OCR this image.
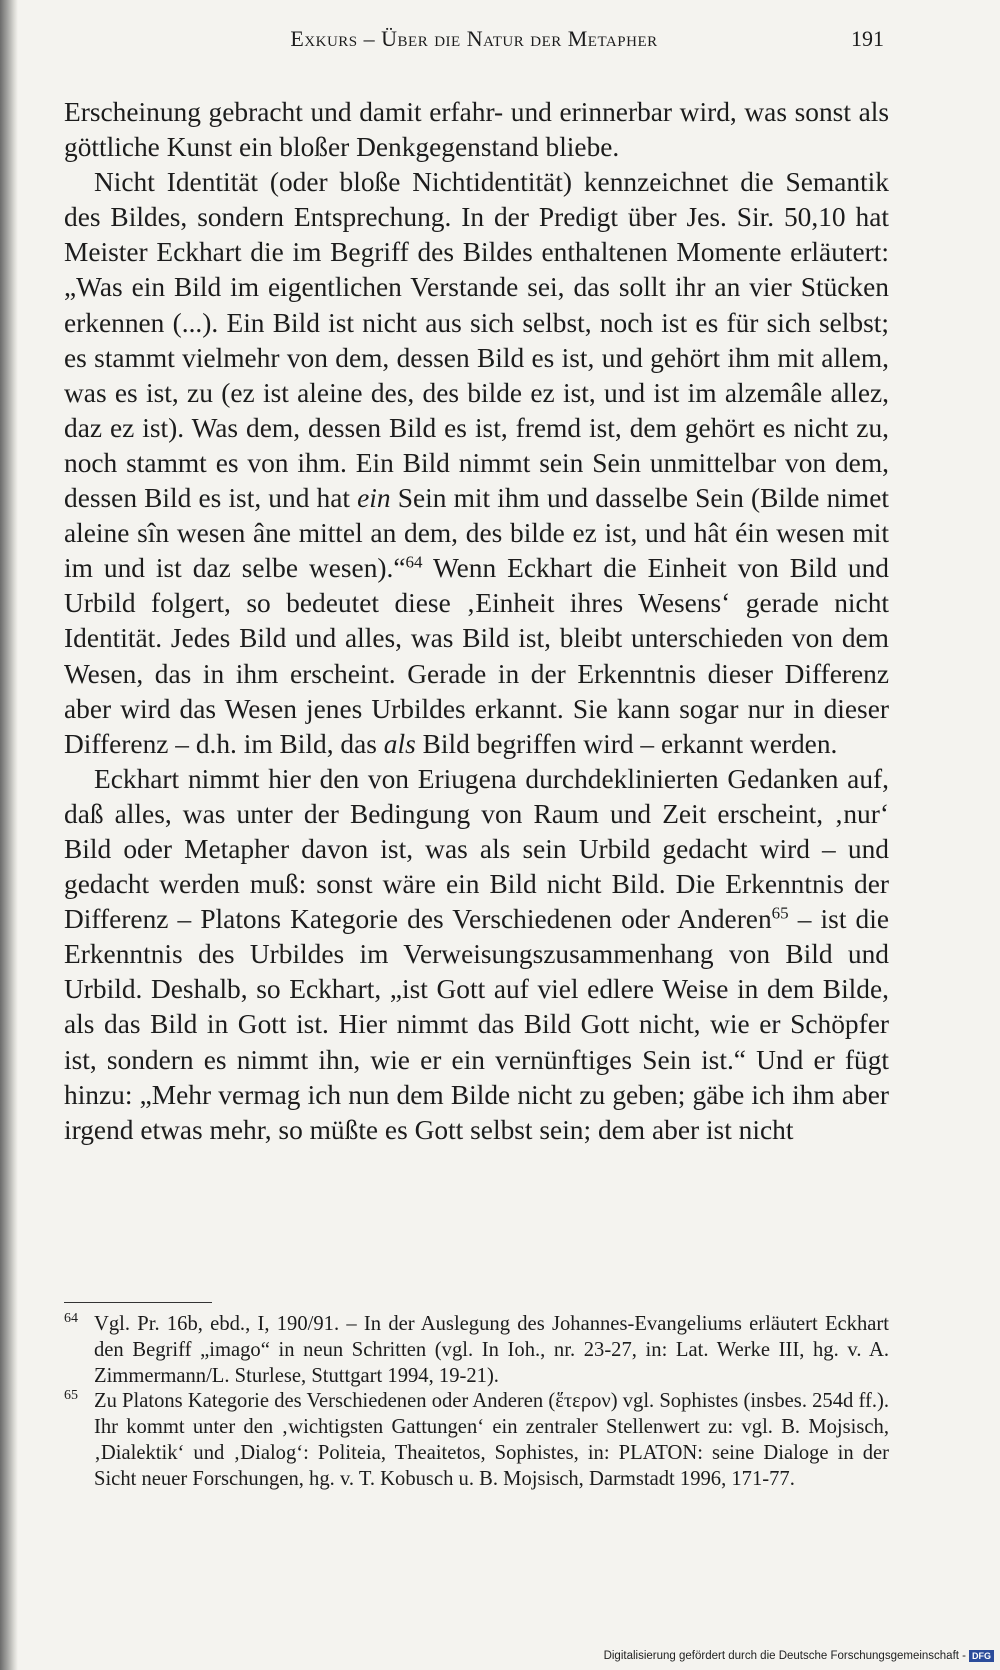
Exkurs – Über die Natur der Metapher	191

Erscheinung gebracht und damit erfahr- und erinnerbar wird, was sonst als göttliche Kunst ein bloßer Denkgegenstand bliebe.

Nicht Identität (oder bloße Nichtidentität) kennzeichnet die Semantik des Bildes, sondern Entsprechung. In der Predigt über Jes. Sir. 50,10 hat Meister Eckhart die im Begriff des Bildes enthaltenen Momente erläutert: „Was ein Bild im eigentlichen Verstande sei, das sollt ihr an vier Stücken erkennen (...). Ein Bild ist nicht aus sich selbst, noch ist es für sich selbst; es stammt vielmehr von dem, dessen Bild es ist, und gehört ihm mit allem, was es ist, zu (ez ist aleine des, des bilde ez ist, und ist im alzemâle allez, daz ez ist). Was dem, dessen Bild es ist, fremd ist, dem gehört es nicht zu, noch stammt es von ihm. Ein Bild nimmt sein Sein unmittelbar von dem, dessen Bild es ist, und hat ein Sein mit ihm und dasselbe Sein (Bilde nimet aleine sîn wesen âne mittel an dem, des bilde ez ist, und hât éin wesen mit im und ist daz selbe wesen).“$^{64}$ Wenn Eckhart die Einheit von Bild und Urbild folgert, so bedeutet diese ‚Einheit ihres Wesens‘ gerade nicht Identität. Jedes Bild und alles, was Bild ist, bleibt unterschieden von dem Wesen, das in ihm erscheint. Gerade in der Erkenntnis dieser Differenz aber wird das Wesen jenes Urbildes erkannt. Sie kann sogar nur in dieser Differenz – d.h. im Bild, das als Bild begriffen wird – erkannt werden.

Eckhart nimmt hier den von Eriugena durchdeklinierten Gedanken auf, daß alles, was unter der Bedingung von Raum und Zeit erscheint, ‚nur‘ Bild oder Metapher davon ist, was als sein Urbild gedacht wird – und gedacht werden muß: sonst wäre ein Bild nicht Bild. Die Erkenntnis der Differenz – Platons Kategorie des Verschiedenen oder Anderen$^{65}$ – ist die Erkenntnis des Urbildes im Verweisungszusammenhang von Bild und Urbild. Deshalb, so Eckhart, „ist Gott auf viel edlere Weise in dem Bilde, als das Bild in Gott ist. Hier nimmt das Bild Gott nicht, wie er Schöpfer ist, sondern es nimmt ihn, wie er ein vernünftiges Sein ist.“ Und er fügt hinzu: „Mehr vermag ich nun dem Bilde nicht zu geben; gäbe ich ihm aber irgend etwas mehr, so müßte es Gott selbst sein; dem aber ist nicht

64 Vgl. Pr. 16b, ebd., I, 190/91. – In der Auslegung des Johannes-Evangeliums erläutert Eckhart den Begriff „imago“ in neun Schritten (vgl. In Ioh., nr. 23-27, in: Lat. Werke III, hg. v. A. Zimmermann/L. Sturlese, Stuttgart 1994, 19-21).
65 Zu Platons Kategorie des Verschiedenen oder Anderen (ἕτερον) vgl. Sophistes (insbes. 254d ff.). Ihr kommt unter den ‚wichtigsten Gattungen‘ ein zentraler Stellenwert zu: vgl. B. Mojsisch, ‚Dialektik‘ und ‚Dialog‘: Politeia, Theaitetos, Sophistes, in: PLATON: seine Dialoge in der Sicht neuer Forschungen, hg. v. T. Kobusch u. B. Mojsisch, Darmstadt 1996, 171-77.
Digitalisierung gefördert durch die Deutsche Forschungsgemeinschaft - DFG
